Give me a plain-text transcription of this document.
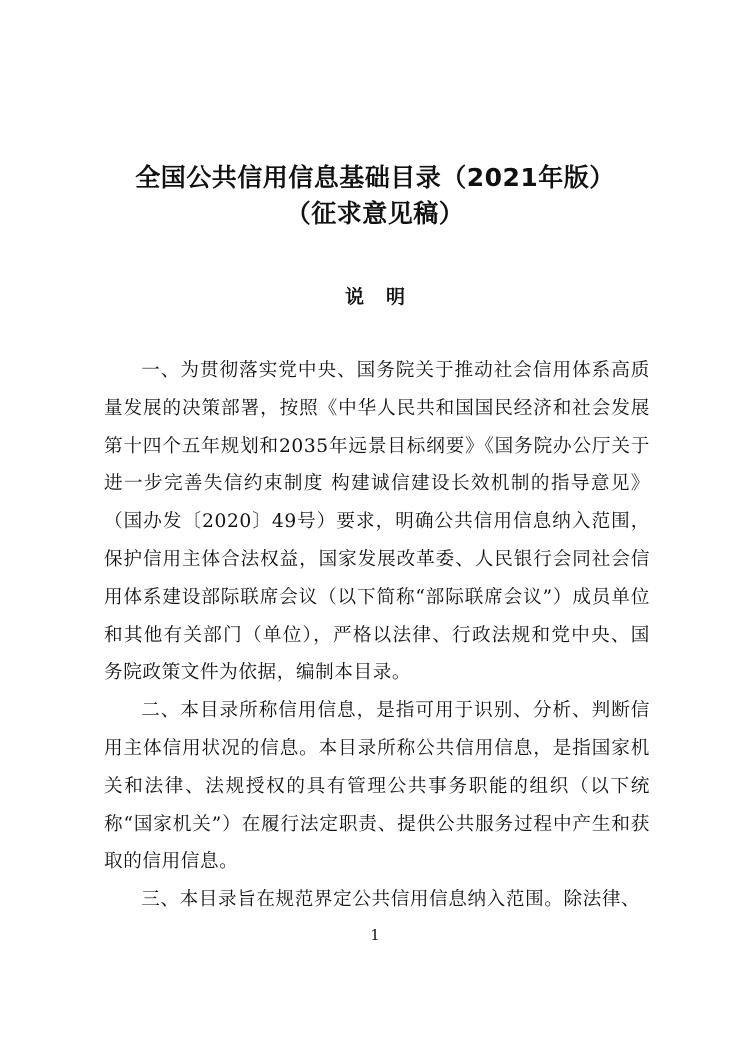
全国公共信用信息基础目录（2021年版）
（征求意见稿）
说明

一、为贯彻落实党中央、国务院关于推动社会信用体系高质量发展的决策部署，按照《中华人民共和国国民经济和社会发展第十四个五年规划和2035年远景目标纲要》《国务院办公厅关于进一步完善失信约束制度 构建诚信建设长效机制的指导意见》（国办发〔2020〕49号）要求，明确公共信用信息纳入范围，保护信用主体合法权益，国家发展改革委、人民银行会同社会信用体系建设部际联席会议（以下简称“部际联席会议”）成员单位和其他有关部门（单位），严格以法律、行政法规和党中央、国务院政策文件为依据，编制本目录。

二、本目录所称信用信息，是指可用于识别、分析、判断信用主体信用状况的信息。本目录所称公共信用信息，是指国家机关和法律、法规授权的具有管理公共事务职能的组织（以下统称“国家机关”）在履行法定职责、提供公共服务过程中产生和获取的信用信息。

三、本目录旨在规范界定公共信用信息纳入范围。除法律、

1
